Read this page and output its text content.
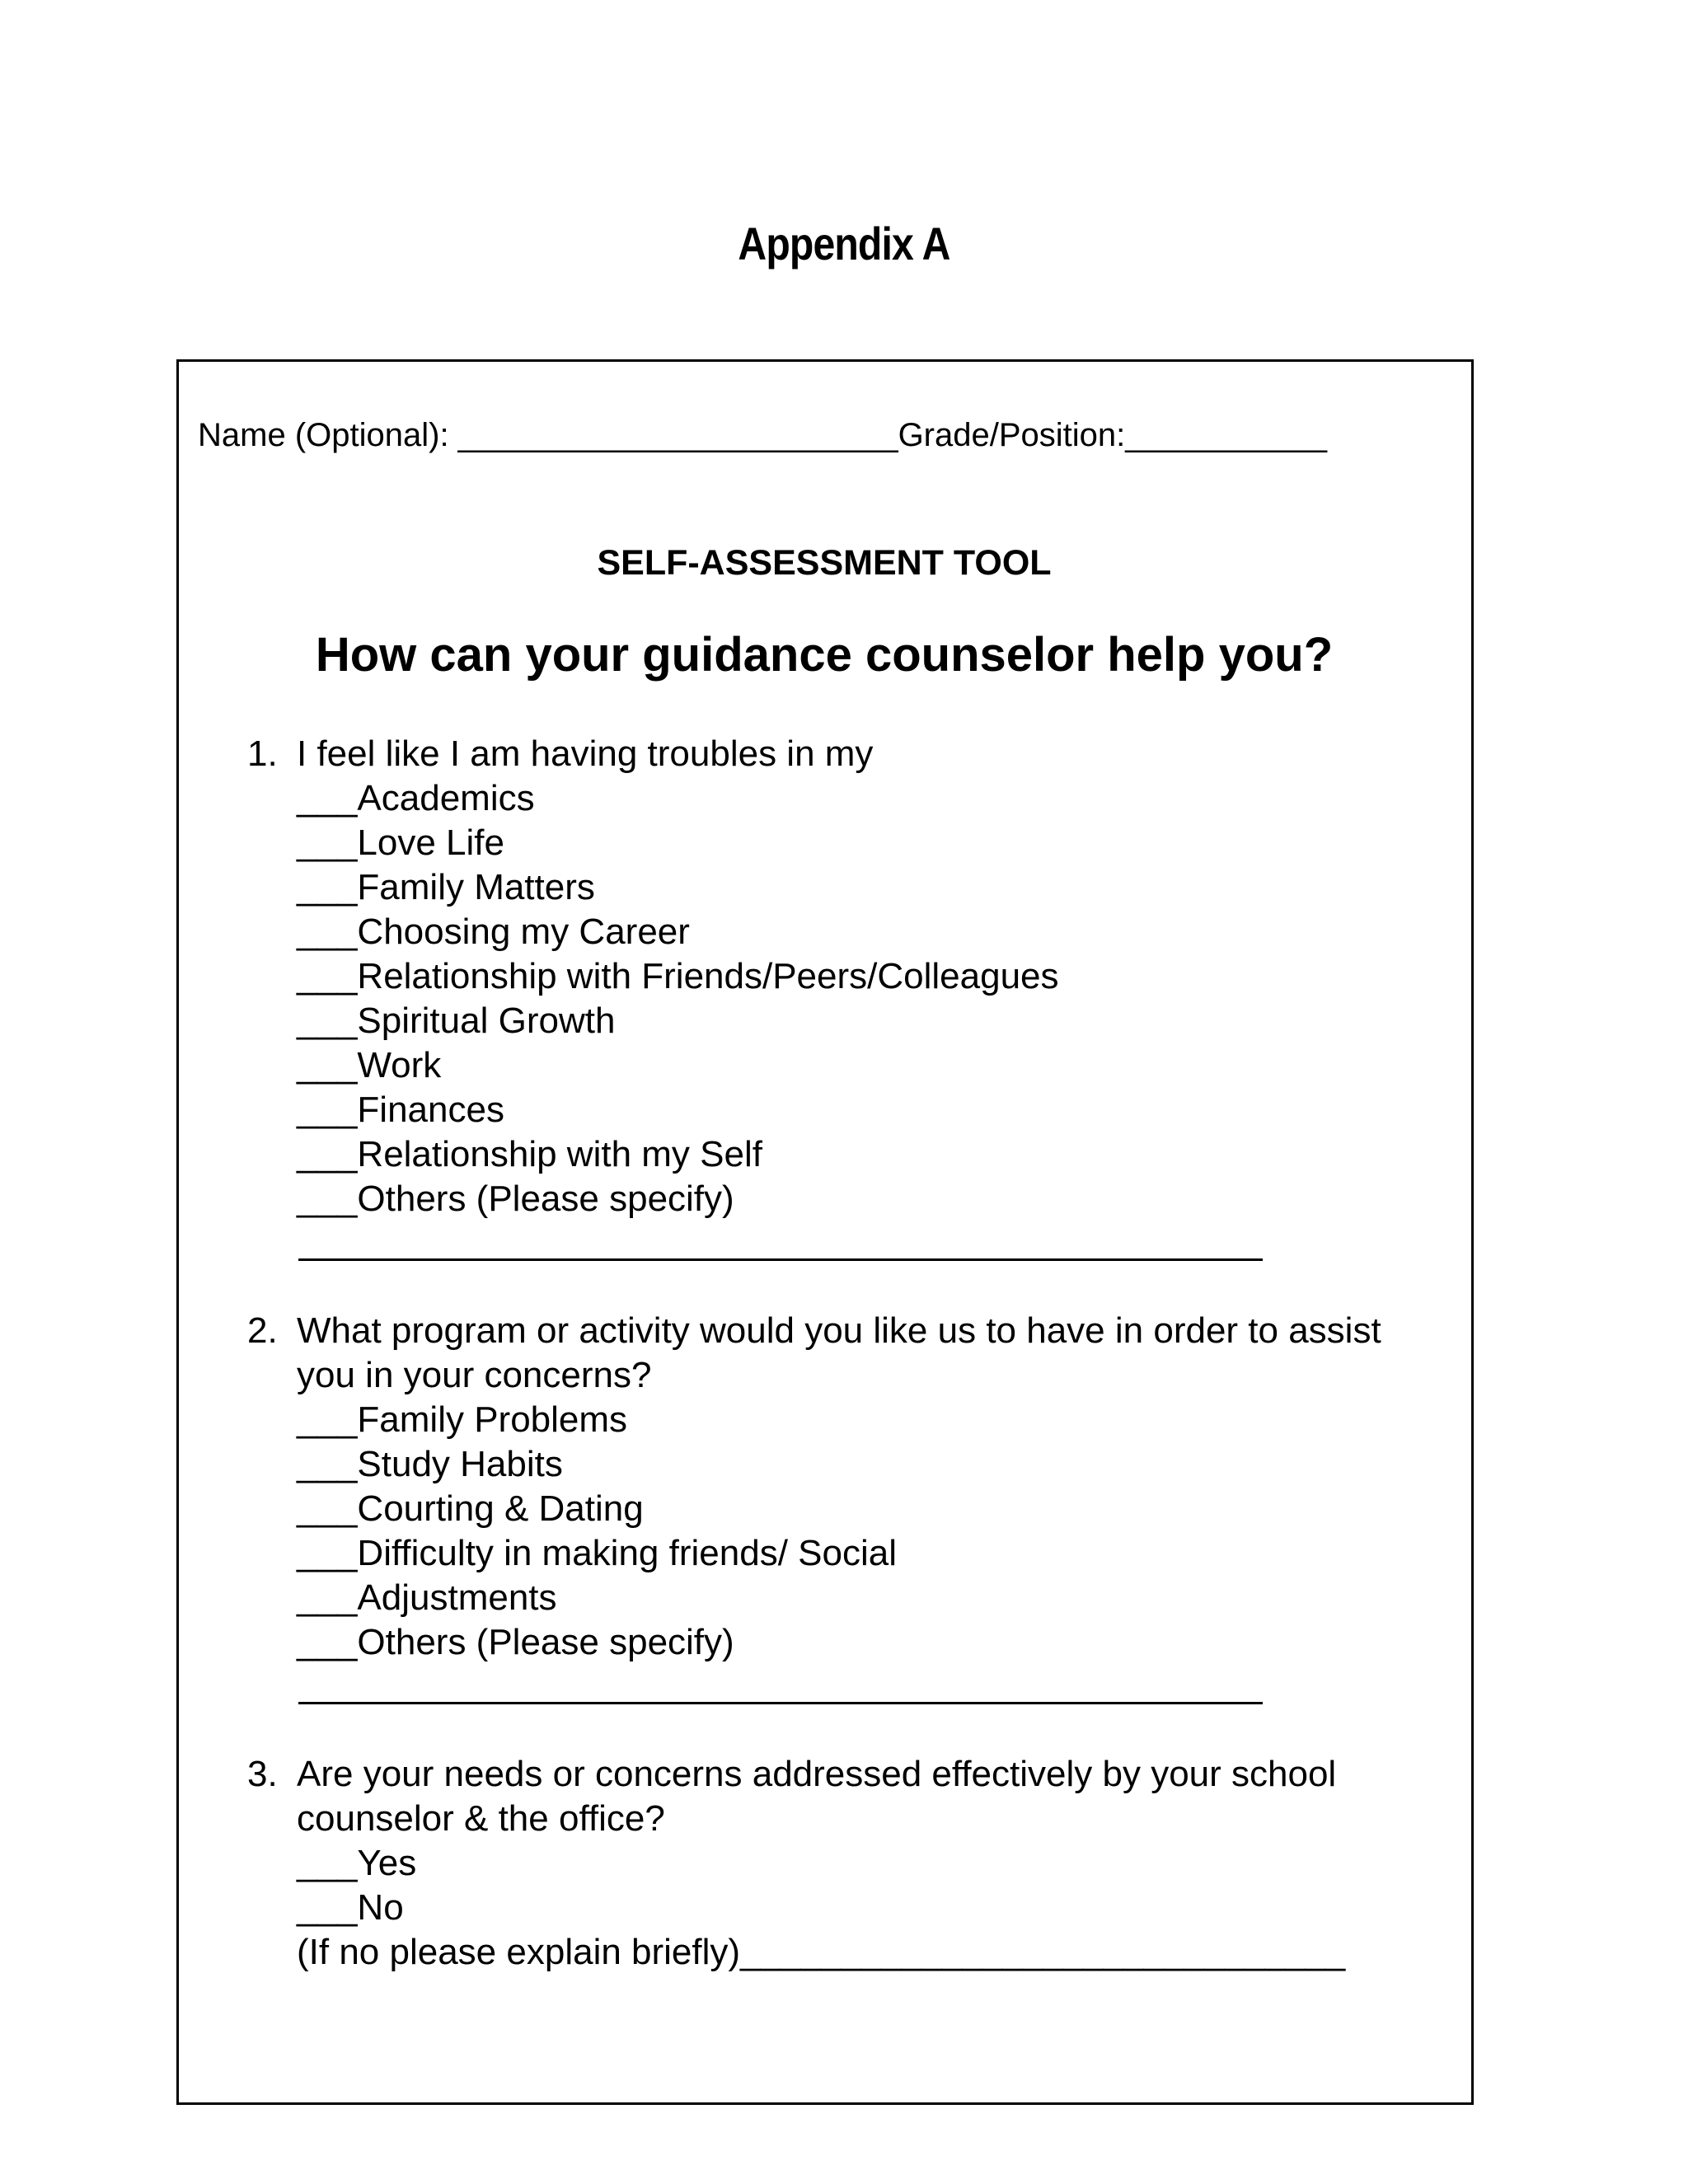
Appendix A
Name (Optional): ________________________Grade/Position:___________
SELF-ASSESSMENT TOOL
How can your guidance counselor help you?
1. I feel like I am having troubles in my
___Academics
___Love Life
___Family Matters
___Choosing my Career
___Relationship with Friends/Peers/Colleagues
___Spiritual Growth
___Work
___Finances
___Relationship with my Self
___Others (Please specify)
2. What program or activity would you like us to have in order to assist
you in your concerns?
___Family Problems
___Study Habits
___Courting & Dating
___Difficulty in making friends/ Social
___Adjustments
___Others (Please specify)
3. Are your needs or concerns addressed effectively by your school
counselor & the office?
___Yes
___No
(If no please explain briefly)______________________________
